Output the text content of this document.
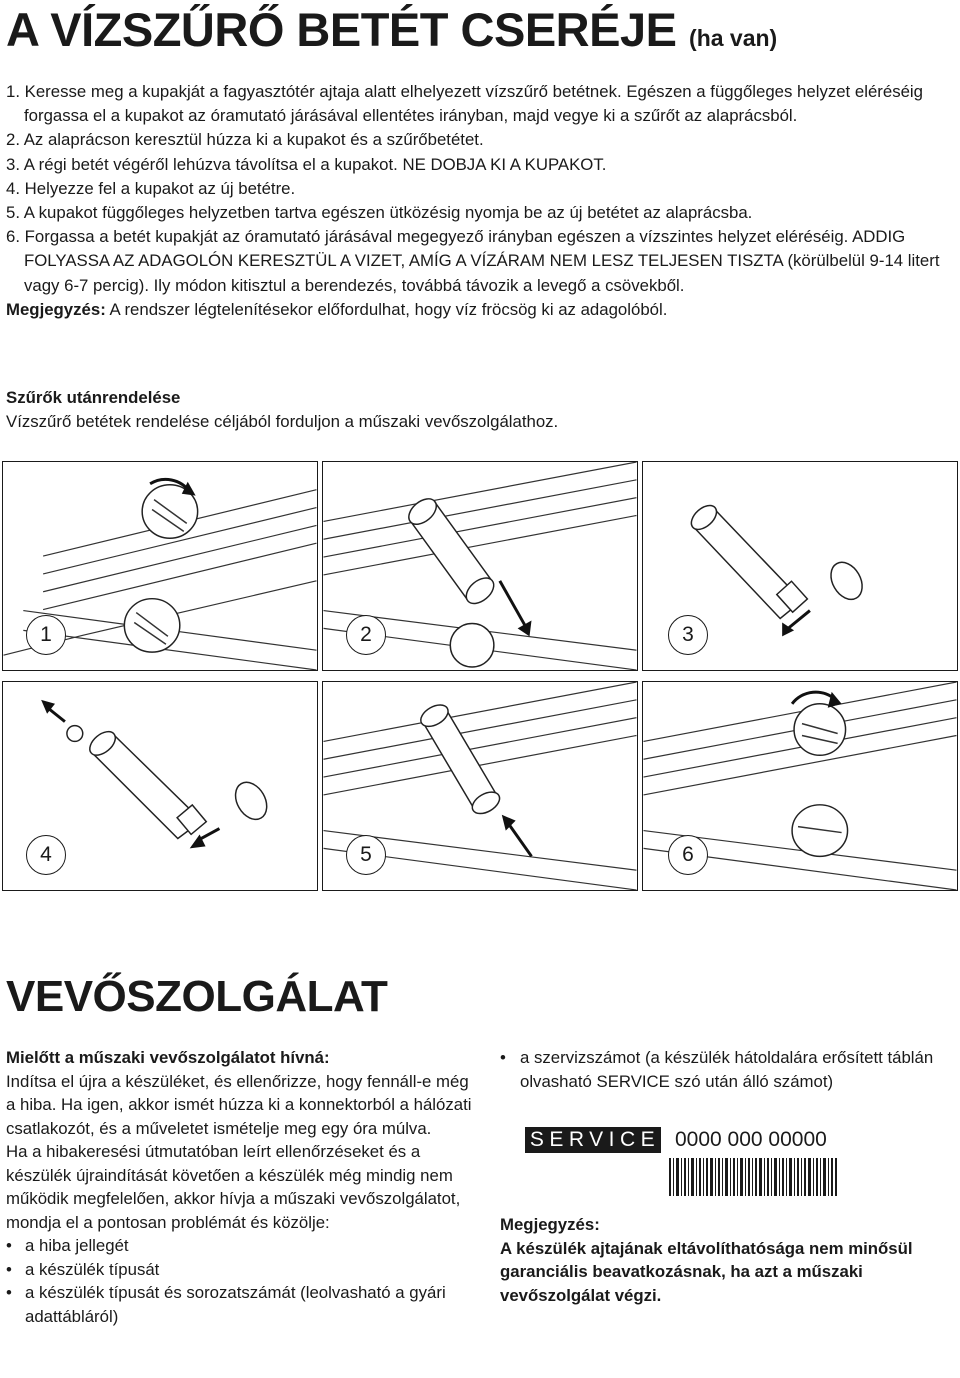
A VÍZSZŰRŐ BETÉT CSERÉJE (ha van)

1. Keresse meg a kupakját a fagyasztótér ajtaja alatt elhelyezett vízszűrő betétnek. Egészen a függőleges helyzet eléréséig forgassa el a kupakot az óramutató járásával ellentétes irányban, majd vegye ki a szűrőt az alaprácsból.

2. Az alaprácson keresztül húzza ki a kupakot és a szűrőbetétet.

3. A régi betét végéről lehúzva távolítsa el a kupakot. NE DOBJA KI A KUPAKOT.

4. Helyezze fel a kupakot az új betétre.

5. A kupakot függőleges helyzetben tartva egészen ütközésig nyomja be az új betétet az alaprácsba.

6. Forgassa a betét kupakját az óramutató járásával megegyező irányban egészen a vízszintes helyzet eléréséig. ADDIG FOLYASSA AZ ADAGOLÓN KERESZTÜL A VIZET, AMÍG A VÍZÁRAM NEM LESZ TELJESEN TISZTA (körülbelül 9-14 litert vagy 6-7 percig). Ily módon kitisztul a berendezés, továbbá távozik a levegő a csövekből.

Megjegyzés: A rendszer légtelenítésekor előfordulhat, hogy víz fröcsög ki az adagolóból.

Szűrők utánrendelése
Vízszűrő betétek rendelése céljából forduljon a műszaki vevőszolgálathoz.
1	2	3
4	5	6
VEVŐSZOLGÁLAT
Mielőtt a műszaki vevőszolgálatot hívná:
Indítsa el újra a készüléket, és ellenőrizze, hogy fennáll-e még a hiba. Ha igen, akkor ismét húzza ki a konnektorból a hálózati csatlakozót, és a műveletet ismételje meg egy óra múlva.
Ha a hibakeresési útmutatóban leírt ellenőrzéseket és a készülék újraindítását követően a készülék még mindig nem működik megfelelően, akkor hívja a műszaki vevőszolgálatot, mondja el a pontosan problémát és közölje:
• a hiba jellegét
• a készülék típusát
• a készülék típusát és sorozatszámát (leolvasható a gyári adattábláról)
• a szervizszámot (a készülék hátoldalára erősített táblán olvasható SERVICE szó után álló számot)
SERVICE 0000 000 00000
Megjegyzés:
A készülék ajtajának eltávolíthatósága nem minősül garanciális beavatkozásnak, ha azt a műszaki vevőszolgálat végzi.
